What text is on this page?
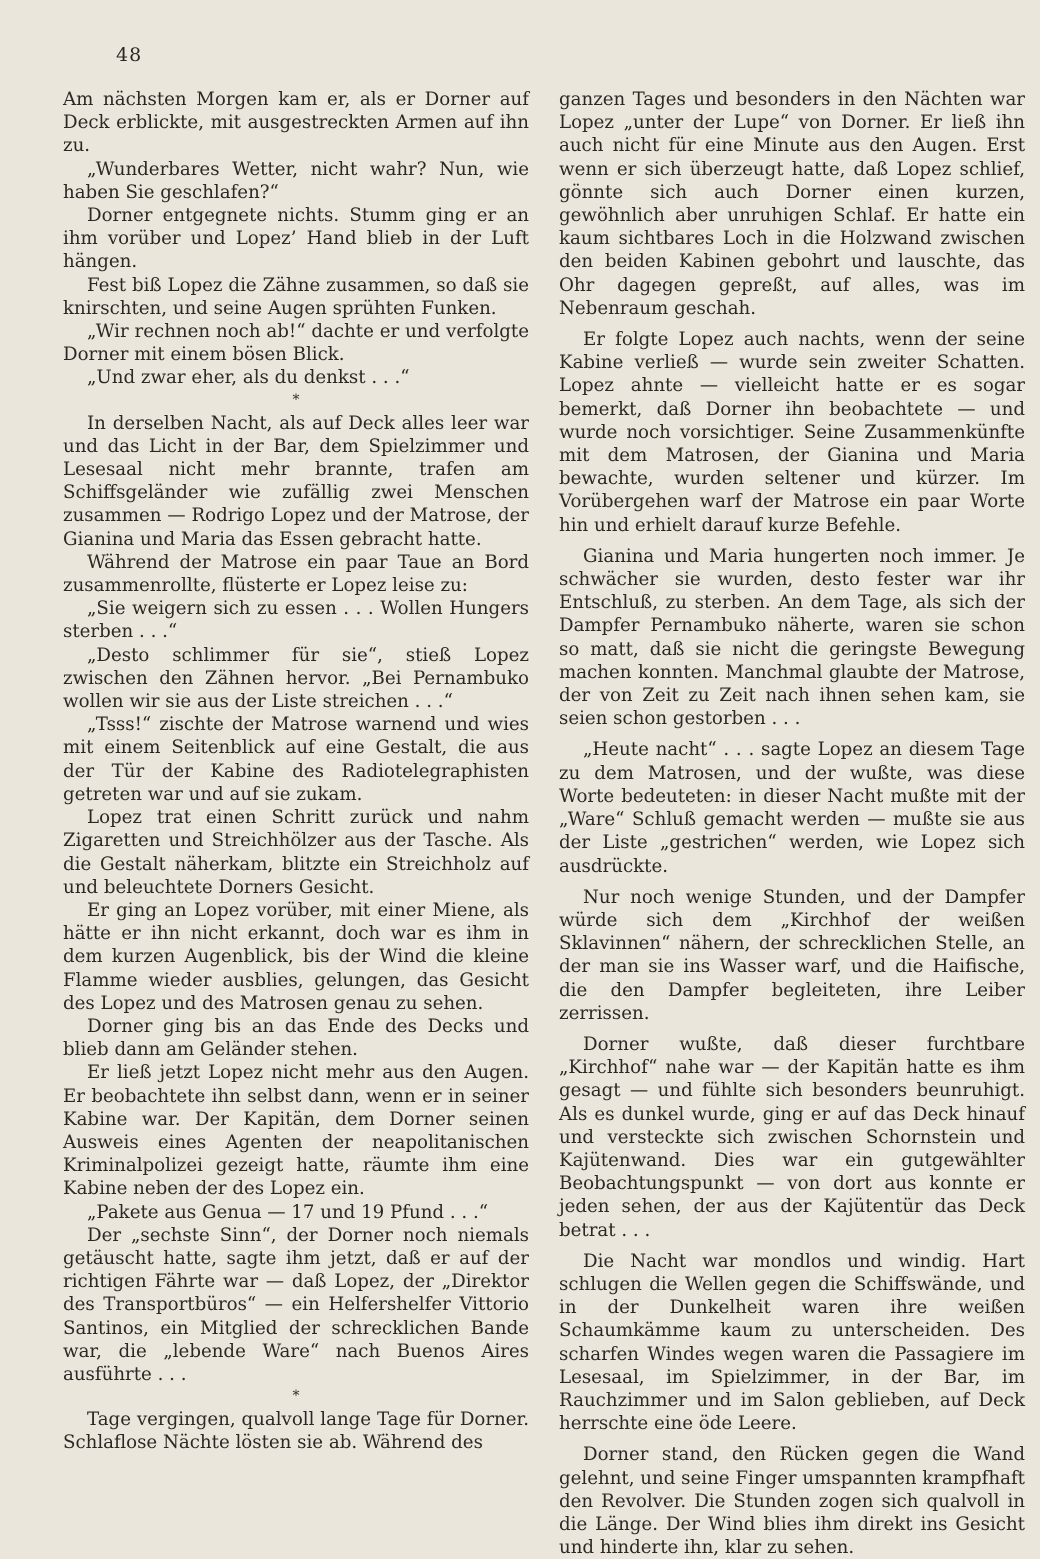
48

Am nächsten Morgen kam er, als er Dorner auf Deck erblickte, mit ausgestreckten Armen auf ihn zu.

„Wunderbares Wetter, nicht wahr? Nun, wie haben Sie geschlafen?“

Dorner entgegnete nichts. Stumm ging er an ihm vorüber und Lopez’ Hand blieb in der Luft hängen.

Fest biß Lopez die Zähne zusammen, so daß sie knirschten, und seine Augen sprühten Funken.

„Wir rechnen noch ab!“ dachte er und verfolgte Dorner mit einem bösen Blick.

„Und zwar eher, als du denkst . . .“

*

In derselben Nacht, als auf Deck alles leer war und das Licht in der Bar, dem Spielzimmer und Lesesaal nicht mehr brannte, trafen am Schiffsgeländer wie zufällig zwei Menschen zusammen — Rodrigo Lopez und der Matrose, der Gianina und Maria das Essen gebracht hatte.

Während der Matrose ein paar Taue an Bord zusammenrollte, flüsterte er Lopez leise zu:

„Sie weigern sich zu essen . . . Wollen Hungers sterben . . .“

„Desto schlimmer für sie“, stieß Lopez zwischen den Zähnen hervor. „Bei Pernambuko wollen wir sie aus der Liste streichen . . .“

„Tsss!“ zischte der Matrose warnend und wies mit einem Seitenblick auf eine Gestalt, die aus der Tür der Kabine des Radiotelegraphisten getreten war und auf sie zukam.

Lopez trat einen Schritt zurück und nahm Zigaretten und Streichhölzer aus der Tasche. Als die Gestalt näherkam, blitzte ein Streichholz auf und beleuchtete Dorners Gesicht.

Er ging an Lopez vorüber, mit einer Miene, als hätte er ihn nicht erkannt, doch war es ihm in dem kurzen Augenblick, bis der Wind die kleine Flamme wieder ausblies, gelungen, das Gesicht des Lopez und des Matrosen genau zu sehen.

Dorner ging bis an das Ende des Decks und blieb dann am Geländer stehen.

Er ließ jetzt Lopez nicht mehr aus den Augen. Er beobachtete ihn selbst dann, wenn er in seiner Kabine war. Der Kapitän, dem Dorner seinen Ausweis eines Agenten der neapolitanischen Kriminalpolizei gezeigt hatte, räumte ihm eine Kabine neben der des Lopez ein.

„Pakete aus Genua — 17 und 19 Pfund . . .“

Der „sechste Sinn“, der Dorner noch niemals getäuscht hatte, sagte ihm jetzt, daß er auf der richtigen Fährte war — daß Lopez, der „Direktor des Transportbüros“ — ein Helfershelfer Vittorio Santinos, ein Mitglied der schrecklichen Bande war, die „lebende Ware“ nach Buenos Aires ausführte . . .

*

Tage vergingen, qualvoll lange Tage für Dorner. Schlaflose Nächte lösten sie ab. Während des

ganzen Tages und besonders in den Nächten war Lopez „unter der Lupe“ von Dorner. Er ließ ihn auch nicht für eine Minute aus den Augen. Erst wenn er sich überzeugt hatte, daß Lopez schlief, gönnte sich auch Dorner einen kurzen, gewöhnlich aber unruhigen Schlaf. Er hatte ein kaum sichtbares Loch in die Holzwand zwischen den beiden Kabinen gebohrt und lauschte, das Ohr dagegen gepreßt, auf alles, was im Nebenraum geschah.

Er folgte Lopez auch nachts, wenn der seine Kabine verließ — wurde sein zweiter Schatten. Lopez ahnte — vielleicht hatte er es sogar bemerkt, daß Dorner ihn beobachtete — und wurde noch vorsichtiger. Seine Zusammenkünfte mit dem Matrosen, der Gianina und Maria bewachte, wurden seltener und kürzer. Im Vorübergehen warf der Matrose ein paar Worte hin und erhielt darauf kurze Befehle.

Gianina und Maria hungerten noch immer. Je schwächer sie wurden, desto fester war ihr Entschluß, zu sterben. An dem Tage, als sich der Dampfer Pernambuko näherte, waren sie schon so matt, daß sie nicht die geringste Bewegung machen konnten. Manchmal glaubte der Matrose, der von Zeit zu Zeit nach ihnen sehen kam, sie seien schon gestorben . . .

„Heute nacht“ . . . sagte Lopez an diesem Tage zu dem Matrosen, und der wußte, was diese Worte bedeuteten: in dieser Nacht mußte mit der „Ware“ Schluß gemacht werden — mußte sie aus der Liste „gestrichen“ werden, wie Lopez sich ausdrückte.

Nur noch wenige Stunden, und der Dampfer würde sich dem „Kirchhof der weißen Sklavinnen“ nähern, der schrecklichen Stelle, an der man sie ins Wasser warf, und die Haifische, die den Dampfer begleiteten, ihre Leiber zerrissen.

Dorner wußte, daß dieser furchtbare „Kirchhof“ nahe war — der Kapitän hatte es ihm gesagt — und fühlte sich besonders beunruhigt. Als es dunkel wurde, ging er auf das Deck hinauf und versteckte sich zwischen Schornstein und Kajütenwand. Dies war ein gutgewählter Beobachtungspunkt — von dort aus konnte er jeden sehen, der aus der Kajütentür das Deck betrat . . .

Die Nacht war mondlos und windig. Hart schlugen die Wellen gegen die Schiffswände, und in der Dunkelheit waren ihre weißen Schaumkämme kaum zu unterscheiden. Des scharfen Windes wegen waren die Passagiere im Lesesaal, im Spielzimmer, in der Bar, im Rauchzimmer und im Salon geblieben, auf Deck herrschte eine öde Leere.

Dorner stand, den Rücken gegen die Wand gelehnt, und seine Finger umspannten krampfhaft den Revolver. Die Stunden zogen sich qualvoll in die Länge. Der Wind blies ihm direkt ins Gesicht und hinderte ihn, klar zu sehen.
